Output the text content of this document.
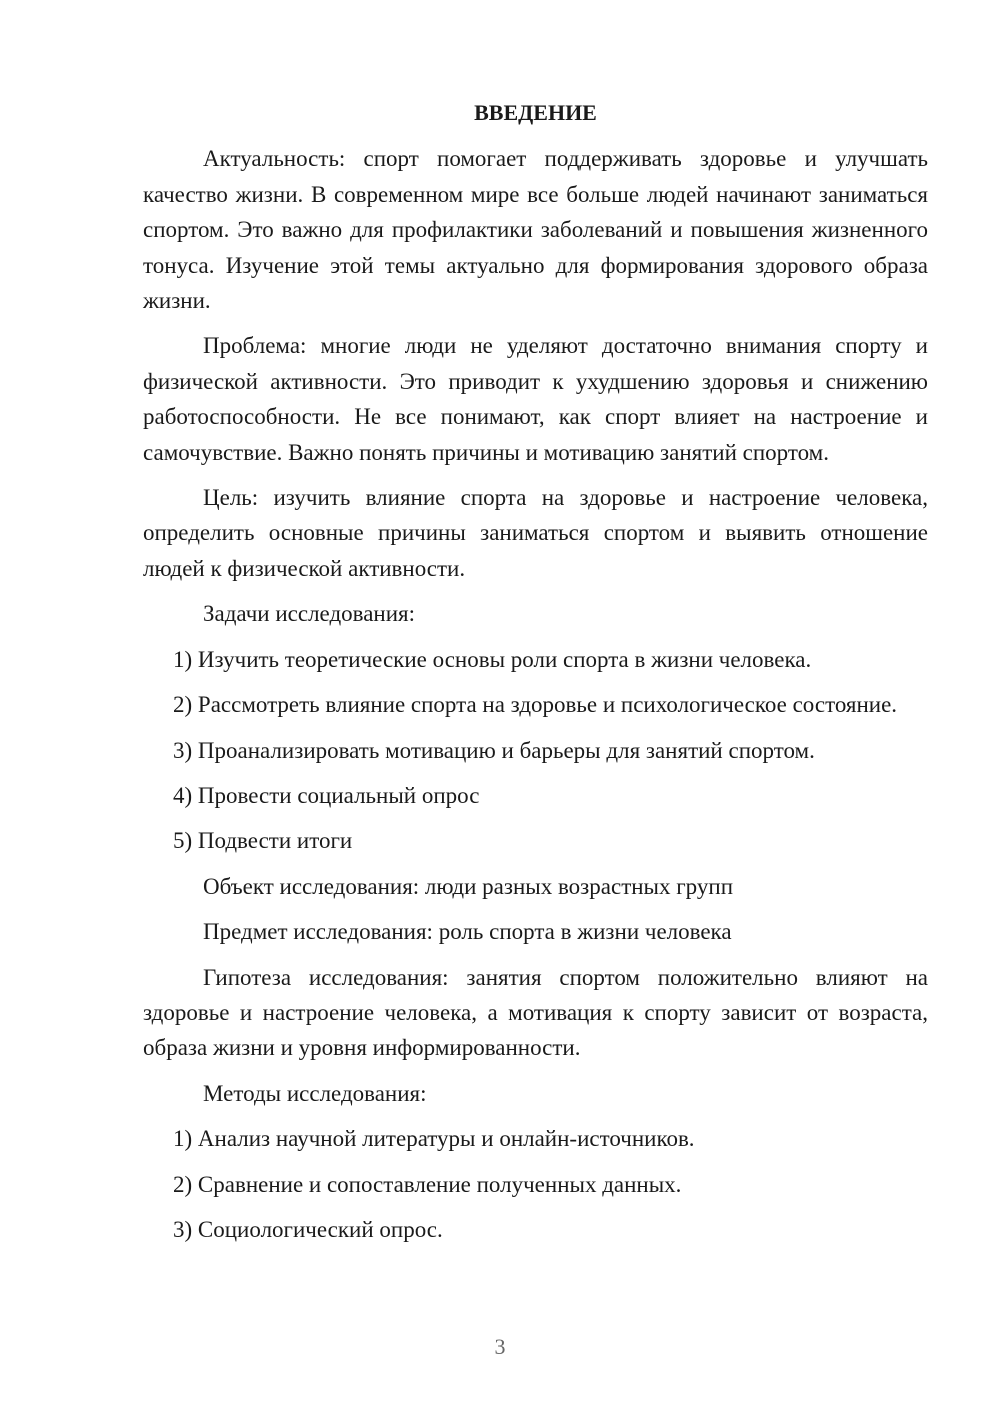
ВВЕДЕНИЕ

Актуальность: спорт помогает поддерживать здоровье и улучшать качество жизни. В современном мире все больше людей начинают заниматься спортом. Это важно для профилактики заболеваний и повышения жизненного тонуса. Изучение этой темы актуально для формирования здорового образа жизни.

Проблема: многие люди не уделяют достаточно внимания спорту и физической активности. Это приводит к ухудшению здоровья и снижению работоспособности. Не все понимают, как спорт влияет на настроение и самочувствие. Важно понять причины и мотивацию занятий спортом.

Цель: изучить влияние спорта на здоровье и настроение человека, определить основные причины заниматься спортом и выявить отношение людей к физической активности.

Задачи исследования:

1) Изучить теоретические основы роли спорта в жизни человека.

2) Рассмотреть влияние спорта на здоровье и психологическое состояние.

3) Проанализировать мотивацию и барьеры для занятий спортом.

4) Провести социальный опрос

5) Подвести итоги

Объект исследования: люди разных возрастных групп

Предмет исследования: роль спорта в жизни человека

Гипотеза исследования: занятия спортом положительно влияют на здоровье и настроение человека, а мотивация к спорту зависит от возраста, образа жизни и уровня информированности.

Методы исследования:

1) Анализ научной литературы и онлайн-источников.

2) Сравнение и сопоставление полученных данных.

3) Социологический опрос.

3
